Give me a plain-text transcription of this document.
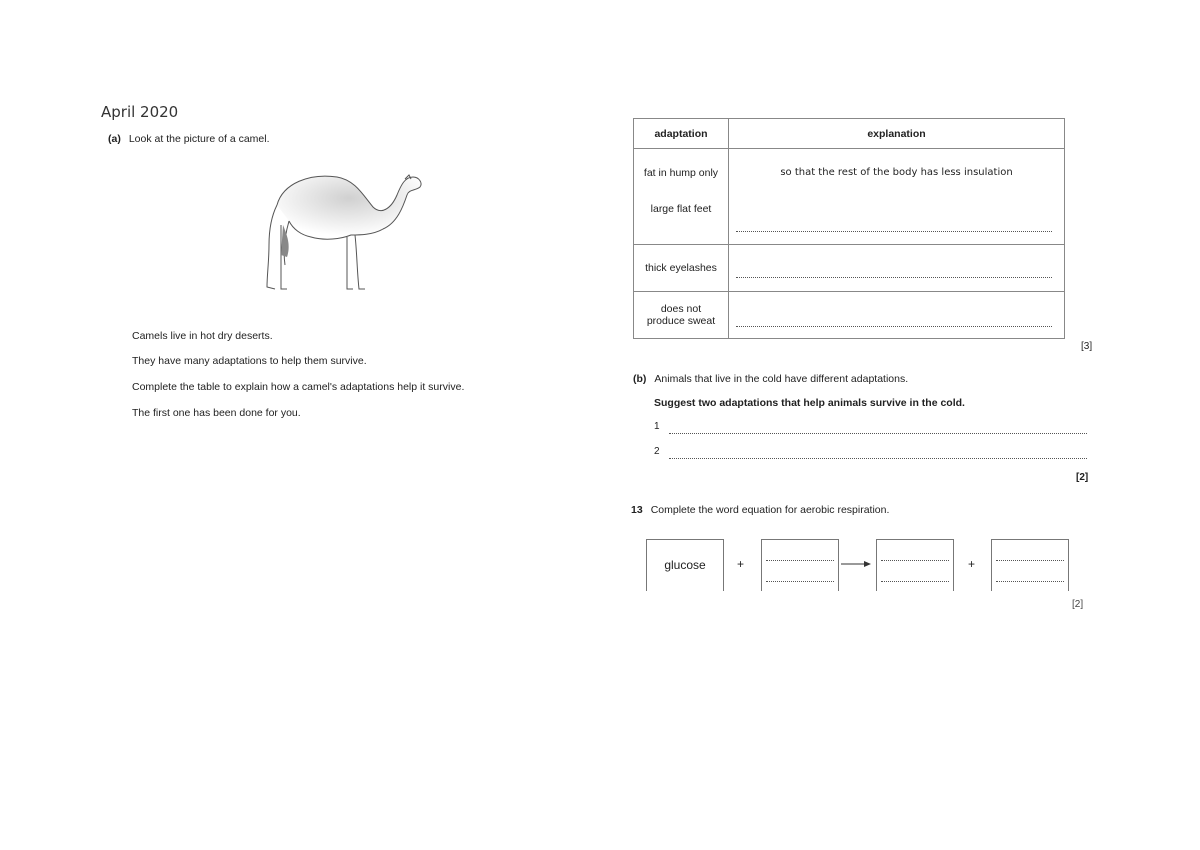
April 2020
(a) Look at the picture of a camel.
Camels live in hot dry deserts.
They have many adaptations to help them survive.
Complete the table to explain how a camel's adaptations help it survive.
The first one has been done for you.
adaptation	explanation
fat in hump only	so that the rest of the body has less insulation
large flat feet	

thick eyelashes	

does not
produce sweat	

[3]
(b) Animals that live in the cold have different adaptations.
Suggest two adaptations that help animals survive in the cold.
1
2
[2]
13 Complete the word equation for aerobic respiration.
glucose	+	+
[2]
